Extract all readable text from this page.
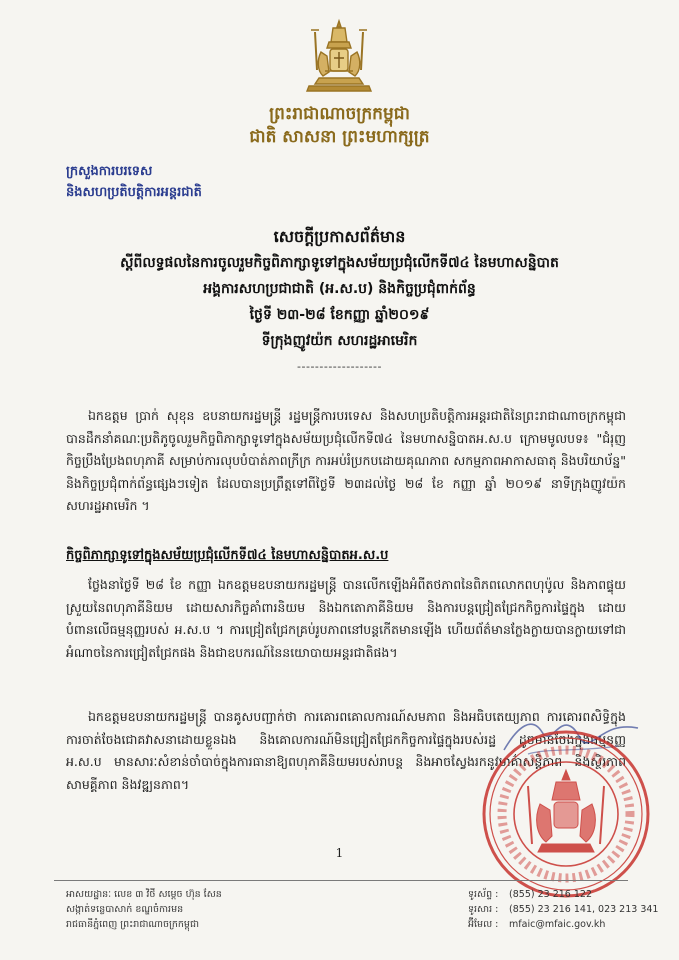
ព្រះរាជាណាចក្រកម្ពុជា
ជាតិ សាសនា ព្រះមហាក្សត្រ
ក្រសួងការបរទេស
និងសហប្រតិបត្តិការអន្តរជាតិ
សេចក្តីប្រកាសព័ត៌មាន
ស្តីពីលទ្ធផលនៃការចូលរួមកិច្ចពិភាក្សាទូទៅក្នុងសម័យប្រជុំលើកទី៧៤ នៃមហាសន្និបាត
អង្គការសហប្រជាជាតិ (អ.ស.ប) និងកិច្ចប្រជុំពាក់ព័ន្ធ
ថ្ងៃទី ២៣-២៨ ខែកញ្ញា ឆ្នាំ២០១៩
ទីក្រុងញូវយ៉ក សហរដ្ឋអាមេរិក
-------------------
ឯកឧត្តម ប្រាក់ សុខុន ឧបនាយករដ្ឋមន្ត្រី រដ្ឋមន្ត្រីការបរទេស និងសហប្រតិបត្តិការអន្តរជាតិនៃព្រះរាជាណាចក្រកម្ពុជា បានដឹកនាំគណៈប្រតិភូចូលរួមកិច្ចពិភាក្សាទូទៅក្នុងសម័យប្រជុំលើកទី៧៤ នៃមហាសន្និបាតអ.ស.ប ក្រោមមូលបទ៖ "ជំរុញកិច្ចប្រឹងប្រែងពហុភាគី សម្រាប់ការលុបបំបាត់ភាពក្រីក្រ ការអប់រំប្រកបដោយគុណភាព សកម្មភាពអាកាសធាតុ និងបរិយាប័ន្ន" និងកិច្ចប្រជុំពាក់ព័ន្ធផ្សេងៗទៀត ដែលបានប្រព្រឹត្តទៅពីថ្ងៃទី ២៣ដល់ថ្ងៃ ២៨ ខែ កញ្ញា ឆ្នាំ ២០១៩ នាទីក្រុងញូវយ៉ក សហរដ្ឋអាមេរិក ។
កិច្ចពិភាក្សាទូទៅក្នុងសម័យប្រជុំលើកទី៧៤ នៃមហាសន្និបាតអ.ស.ប
ថ្លែងនាថ្ងៃទី ២៨ ខែ កញ្ញា ឯកឧត្តមឧបនាយករដ្ឋមន្ត្រី បានលើកឡើងអំពីតថភាពនៃពិភពលោកពហុប៉ូល និងភាពផ្ទុយស្រួយនៃពហុភាគីនិយម ដោយសារកិច្ចគាំពារនិយម និងឯកតោភាគីនិយម និងការបន្តជ្រៀតជ្រែកកិច្ចការផ្ទៃក្នុង ដោយបំពានលើធម្មនុញ្ញរបស់ អ.ស.ប ។ ការជ្រៀតជ្រែកគ្រប់រូបភាពនៅបន្តកើតមានឡើង ហើយព័ត៌មានក្លែងក្លាយបានក្លាយទៅជាអំណាចនៃការជ្រៀតជ្រែកផង និងជាឧបករណ៍នៃនយោបាយអន្តរជាតិផង។
ឯកឧត្តមឧបនាយករដ្ឋមន្ត្រី បានគូសបញ្ជាក់ថា ការគោរពគោលការណ៍សមភាព និងអធិបតេយ្យភាព ការគោរពសិទ្ធិក្នុងការចាត់ចែងជោគវាសនាដោយខ្លួនឯង និងគោលការណ៍មិនជ្រៀតជ្រែកកិច្ចការផ្ទៃក្នុងរបស់រដ្ឋ ដូចមានចែងក្នុងធម្មនុញ្ញ អ.ស.ប មានសារៈសំខាន់ចាំបាច់ក្នុងការធានាឱ្យពហុភាគីនិយមរបស់រាបន្ត និងអាចស្វែងរកនូវមាគ៌ាសន្តិភាព និងស្ថិរភាព សាមគ្គីភាព និងវឌ្ឍនភាព។
1
អាសយដ្ឋានៈ លេខ ៣ វិថី សម្ដេច ហ៊ុន សែន
សង្កាត់ទន្លេបាសាក់ ខណ្ឌចំការមន
រាជធានីភ្នំពេញ ព្រះរាជាណាចក្រកម្ពុជា
ទូរស័ព្ទ : (855) 23 216 122
ទូរសារ : (855) 23 216 141, 023 213 341
អ៊ីមែល : mfaic@mfaic.gov.kh
